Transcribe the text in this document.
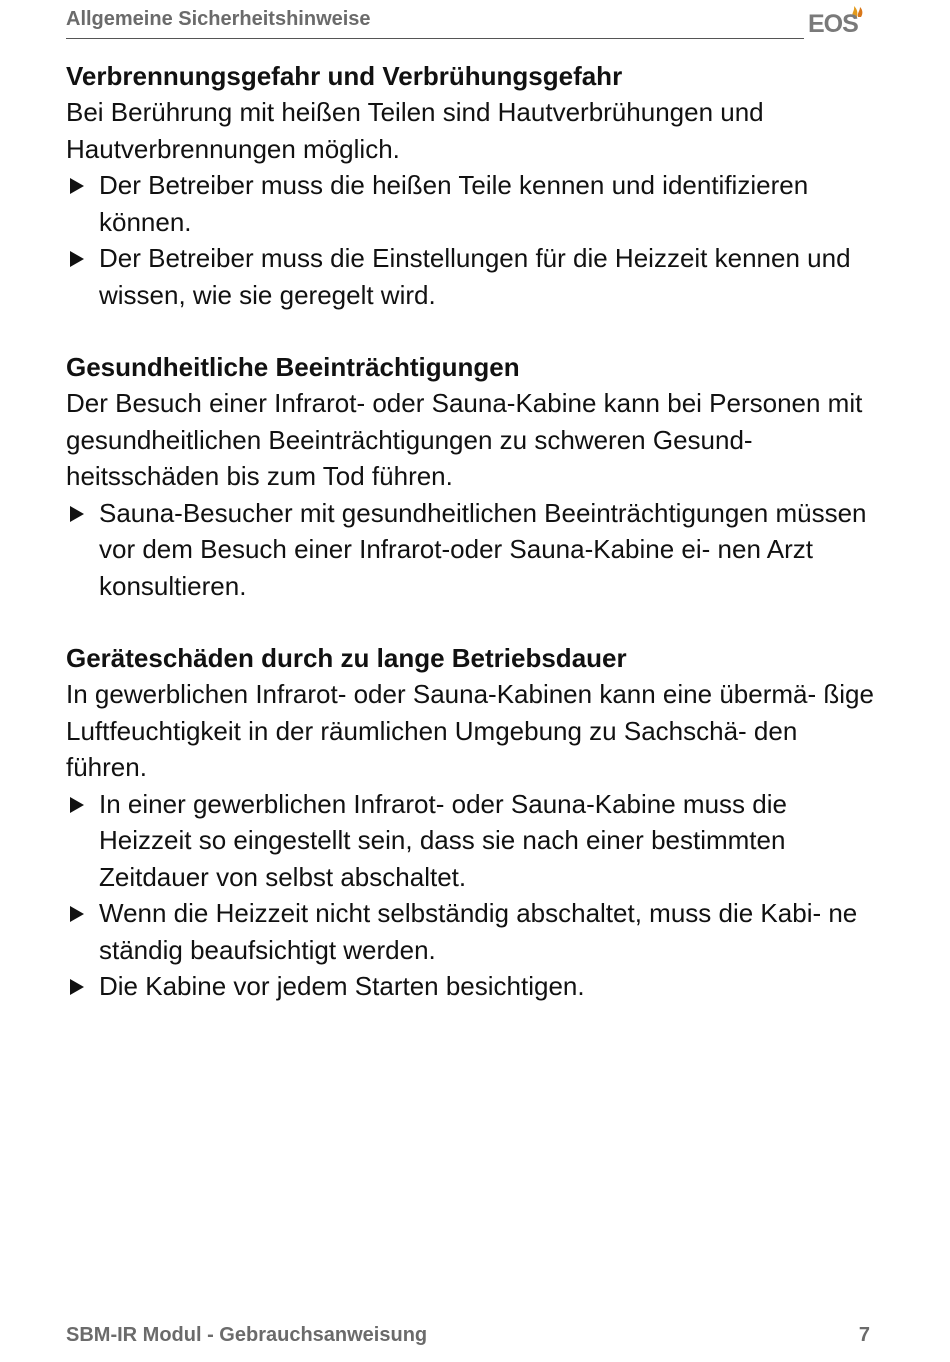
Allgemeine Sicherheitshinweise	EOS
Verbrennungsgefahr und Verbrühungsgefahr

Bei Berührung mit heißen Teilen sind Hautverbrühungen und Hautverbrennungen möglich.

Der Betreiber muss die heißen Teile kennen und identifizieren können.
Der Betreiber muss die Einstellungen für die Heizzeit kennen und wissen, wie sie geregelt wird.
Gesundheitliche Beeinträchtigungen

Der Besuch einer Infrarot- oder Sauna-Kabine kann bei Personen mit gesundheitlichen Beeinträchtigungen zu schweren Gesund- heitsschäden bis zum Tod führen.

Sauna-Besucher mit gesundheitlichen Beeinträchtigungen müssen vor dem Besuch einer Infrarot-oder Sauna-Kabine ei- nen Arzt konsultieren.
Geräteschäden durch zu lange Betriebsdauer

In gewerblichen Infrarot- oder Sauna-Kabinen kann eine übermä- ßige Luftfeuchtigkeit in der räumlichen Umgebung zu Sachschä- den führen.

In einer gewerblichen Infrarot- oder Sauna-Kabine muss die Heizzeit so eingestellt sein, dass sie nach einer bestimmten Zeitdauer von selbst abschaltet.
Wenn die Heizzeit nicht selbständig abschaltet, muss die Kabi- ne ständig beaufsichtigt werden.
Die Kabine vor jedem Starten besichtigen.
SBM-IR Modul - Gebrauchsanweisung	7
